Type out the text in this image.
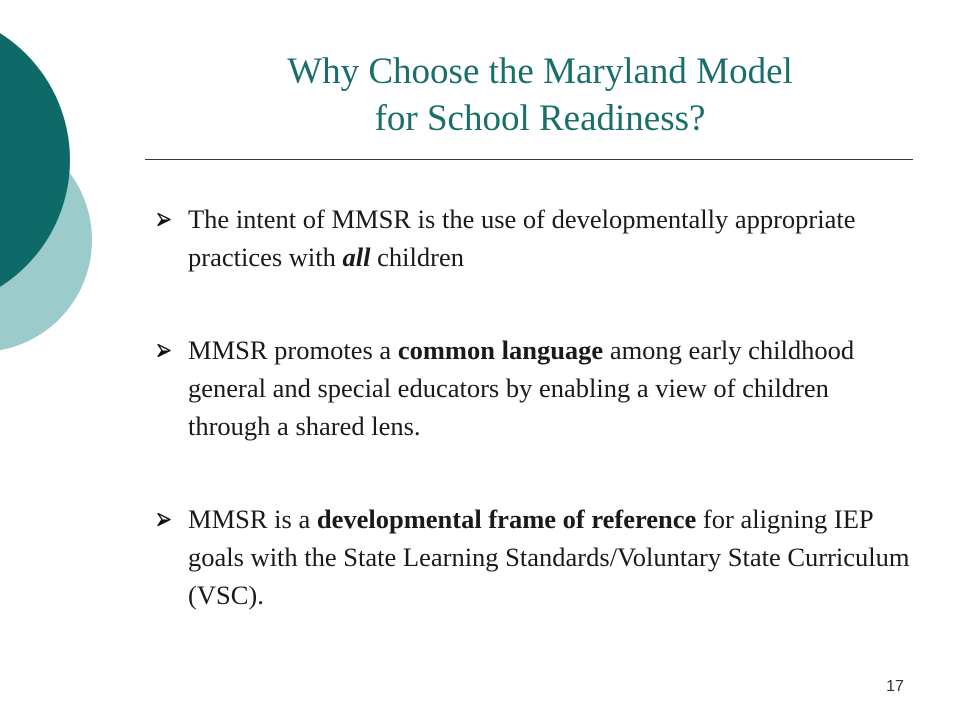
Why Choose the Maryland Model
for School Readiness?
The intent of MMSR is the use of developmentally appropriate practices with all children
MMSR promotes a common language among early childhood general and special educators by enabling a view of children through a shared lens.
MMSR is a developmental frame of reference for aligning IEP goals with the State Learning Standards/Voluntary State Curriculum (VSC).
17
